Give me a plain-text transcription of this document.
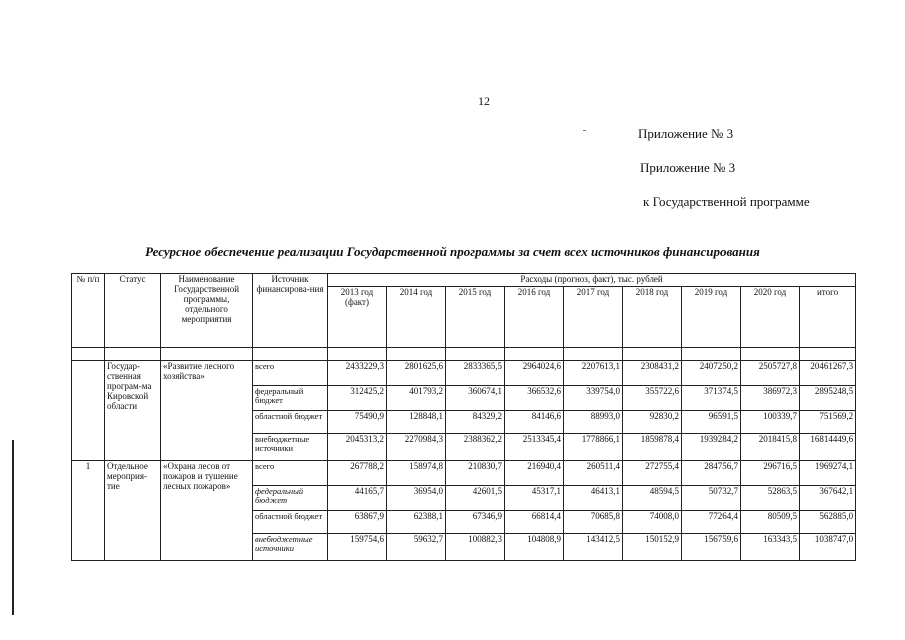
12
Приложение № 3
Приложение № 3
к Государственной программе
Ресурсное обеспечение реализации Государственной программы за счет всех источников финансирования
№ п/п	Статус	Наименование Государственной программы, отдельного мероприятия	Источник финансирова-ния	Расходы (прогноз, факт), тыс. рублей								
				2013 год (факт)	2014 год	2015 год	2016 год	2017 год	2018 год	2019 год	2020 год	итого

	Государ-ственная програм-ма Кировской области	«Развитие лесного хозяйства»	всего	2433229,3	2801625,6	2833365,5	2964024,6	2207613,1	2308431,2	2407250,2	2505727,8	20461267,3
			федеральный бюджет	312425,2	401793,2	360674,1	366532,6	339754,0	355722,6	371374,5	386972,3	2895248,5
			областной бюджет	75490,9	128848,1	84329,2	84146,6	88993,0	92830,2	96591,5	100339,7	751569,2
			внебюджетные источники	2045313,2	2270984,3	2388362,2	2513345,4	1778866,1	1859878,4	1939284,2	2018415,8	16814449,6
1	Отдельное мероприя-тие	«Охрана лесов от пожаров и тушение лесных пожаров»	всего	267788,2	158974,8	210830,7	216940,4	260511,4	272755,4	284756,7	296716,5	1969274,1
			федеральный бюджет	44165,7	36954,0	42601,5	45317,1	46413,1	48594,5	50732,7	52863,5	367642,1
			областной бюджет	63867,9	62388,1	67346,9	66814,4	70685,8	74008,0	77264,4	80509,5	562885,0
			внебюджетные источники	159754,6	59632,7	100882,3	104808,9	143412,5	150152,9	156759,6	163343,5	1038747,0
